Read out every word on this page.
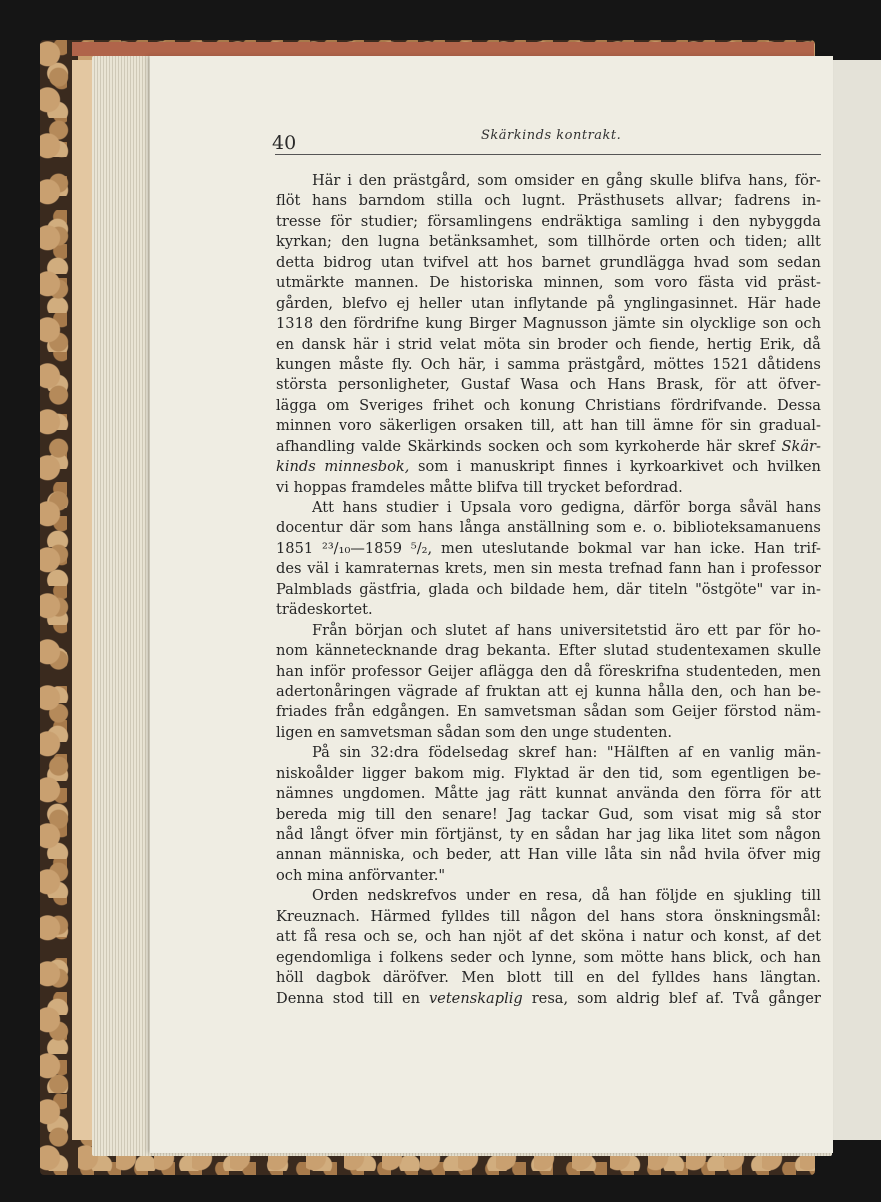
40	Skärkinds kontrakt.

Här i den prästgård, som omsider en gång skulle blifva hans, för-
flöt hans barndom stilla och lugnt. Prästhusets allvar; fadrens in-
tresse för studier; församlingens endräktiga samling i den nybyggda
kyrkan; den lugna betänksamhet, som tillhörde orten och tiden; allt
detta bidrog utan tvifvel att hos barnet grundlägga hvad som sedan
utmärkte mannen. De historiska minnen, som voro fästa vid präst-
gården, blefvo ej heller utan inflytande på ynglingasinnet. Här hade
1318 den fördrifne kung Birger Magnusson jämte sin olycklige son och
en dansk här i strid velat möta sin broder och fiende, hertig Erik, då
kungen måste fly. Och här, i samma prästgård, möttes 1521 dåtidens
största personligheter, Gustaf Wasa och Hans Brask, för att öfver-
lägga om Sveriges frihet och konung Christians fördrifvande. Dessa
minnen voro säkerligen orsaken till, att han till ämne för sin gradual-
afhandling valde Skärkinds socken och som kyrkoherde här skref Skär-
kinds minnesbok, som i manuskript finnes i kyrkoarkivet och hvilken
vi hoppas framdeles måtte blifva till trycket befordrad.
Att hans studier i Upsala voro gedigna, därför borga såväl hans
docentur där som hans långa anställning som e. o. biblioteksamanuens
1851 ²³/₁₀—1859 ⁵/₂, men uteslutande bokmal var han icke. Han trif-
des väl i kamraternas krets, men sin mesta trefnad fann han i professor
Palmblads gästfria, glada och bildade hem, där titeln "östgöte" var in-
trädeskortet.
Från början och slutet af hans universitetstid äro ett par för ho-
nom kännetecknande drag bekanta. Efter slutad studentexamen skulle
han inför professor Geijer aflägga den då föreskrifna studenteden, men
adertonåringen vägrade af fruktan att ej kunna hålla den, och han be-
friades från edgången. En samvetsman sådan som Geijer förstod näm-
ligen en samvetsman sådan som den unge studenten.
På sin 32:dra födelsedag skref han: "Hälften af en vanlig män-
niskoålder ligger bakom mig. Flyktad är den tid, som egentligen be-
nämnes ungdomen. Måtte jag rätt kunnat använda den förra för att
bereda mig till den senare! Jag tackar Gud, som visat mig så stor
nåd långt öfver min förtjänst, ty en sådan har jag lika litet som någon
annan människa, och beder, att Han ville låta sin nåd hvila öfver mig
och mina anförvanter."
Orden nedskrefvos under en resa, då han följde en sjukling till
Kreuznach. Härmed fylldes till någon del hans stora önskningsmål:
att få resa och se, och han njöt af det sköna i natur och konst, af det
egendomliga i folkens seder och lynne, som mötte hans blick, och han
höll dagbok däröfver. Men blott till en del fylldes hans längtan.
Denna stod till en vetenskaplig resa, som aldrig blef af. Två gånger
